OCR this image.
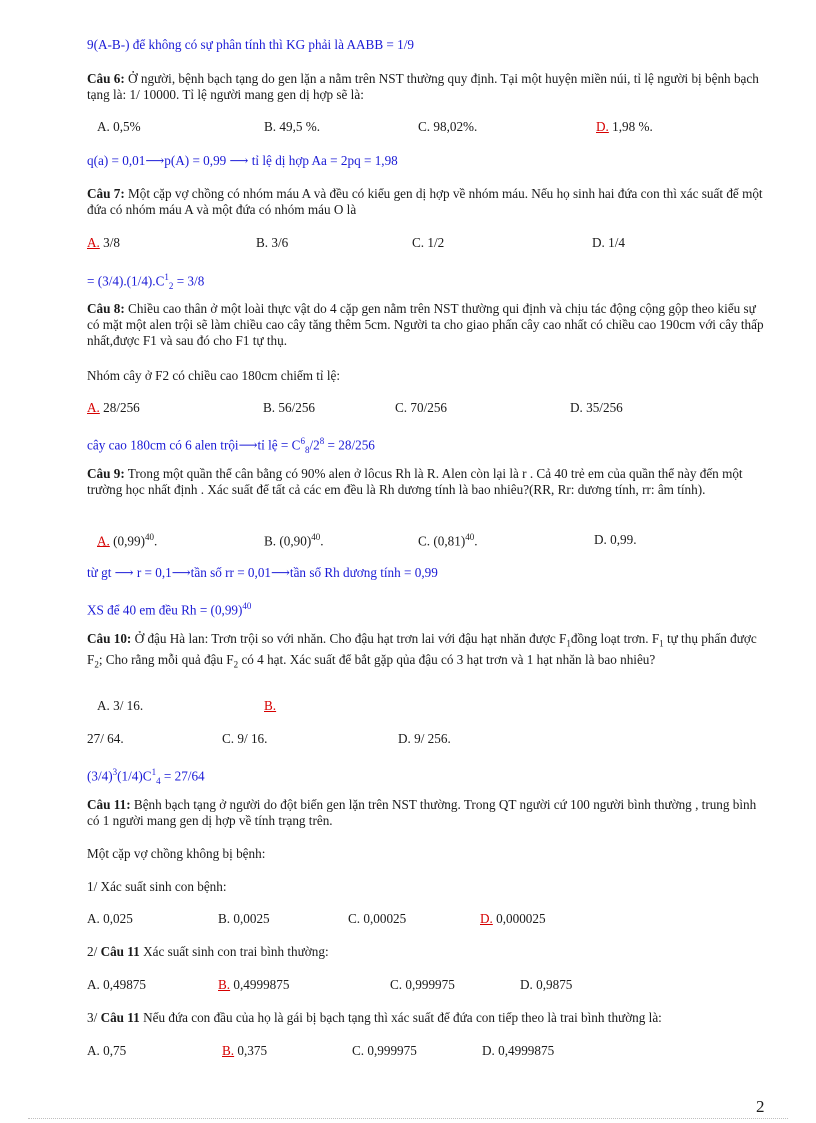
9(A-B-) để không có sự phân tính thì KG phải là AABB = 1/9
Câu 6: Ở người, bệnh bạch tạng do gen lặn a nằm trên NST thường quy định. Tại một huyện miền núi, tỉ lệ người bị bệnh bạch tạng là: 1/ 10000. Tỉ lệ người mang gen dị hợp sẽ là:
A. 0,5%	B. 49,5 %.	C. 98,02%.	D. 1,98 %.
q(a) = 0,01⟶p(A) = 0,99 ⟶ tỉ lệ dị hợp Aa = 2pq = 1,98
Câu 7: Một cặp vợ chồng có nhóm máu A và đều có kiểu gen dị hợp về nhóm máu. Nếu họ sinh hai đứa con thì xác suất để một đứa có nhóm máu A và một đứa có nhóm máu O là
A. 3/8	B. 3/6	C. 1/2	D. 1/4
= $(3/4).(1/4).C^1_2 = 3/8$
Câu 8: Chiều cao thân ở một loài thực vật do 4 cặp gen nằm trên NST thường qui định và chịu tác động cộng gộp theo kiểu sự có mặt một alen trội sẽ làm chiều cao cây tăng thêm 5cm. Người ta cho giao phấn cây cao nhất có chiều cao 190cm với cây thấp nhất,được F1 và sau đó cho F1 tự thụ.
Nhóm cây ở F2 có chiều cao 180cm chiếm tỉ lệ:
A. 28/256	B. 56/256	C. 70/256	D. 35/256
cây cao 180cm có 6 alen trội⟶tỉ lệ = $C^6_8/2^8 = 28/256$
Câu 9: Trong một quần thể cân bằng có 90% alen ở lôcus Rh là R. Alen còn lại là r . Cả 40 trẻ em của quần thể này đến một trường học nhất định . Xác suất để tất cả các em đều là Rh dương tính là bao nhiêu?(RR, Rr: dương tính, rr: âm tính).
A. $(0,99)^{40}$.	B. $(0,90)^{40}$.	C. $(0,81)^{40}$.	D. 0,99.
từ gt ⟶ r = 0,1⟶tần số rr = 0,01⟶tần số Rh dương tính = 0,99
XS để 40 em đều $Rh = (0,99)^{40}$
Câu 10: Ở đậu Hà lan: Trơn trội so với nhăn. Cho đậu hạt trơn lai với đậu hạt nhăn được $F_1đồng$ loạt trơn. $F_1$ tự thụ phấn được $F_2$; Cho rằng mỗi quả đậu $F_2$ có 4 hạt. Xác suất để bắt gặp qủa đậu có 3 hạt trơn và 1 hạt nhăn là bao nhiêu?
A. 3/ 16.	B.
27/ 64.	C. 9/ 16.	D. 9/ 256.
$(3/4)^3(1/4)C^1_4 = 27/64$
Câu 11: Bệnh bạch tạng ở người do đột biến gen lặn trên NST thường. Trong QT người cứ 100 người bình thường , trung bình có 1 người mang gen dị hợp về tính trạng trên.
Một cặp vợ chồng không bị bệnh:
1/ Xác suất sinh con bệnh:
A. 0,025	B. 0,0025	C. 0,00025	D. 0,000025
2/ Câu 11 Xác suất sinh con trai bình thường:
A. 0,49875	B. 0,4999875	C. 0,999975	D. 0,9875
3/ Câu 11 Nếu đứa con đầu của họ là gái bị bạch tạng thì xác suất để đứa con tiếp theo là trai bình thường là:
A. 0,75	B. 0,375	C. 0,999975	D. 0,4999875
2
